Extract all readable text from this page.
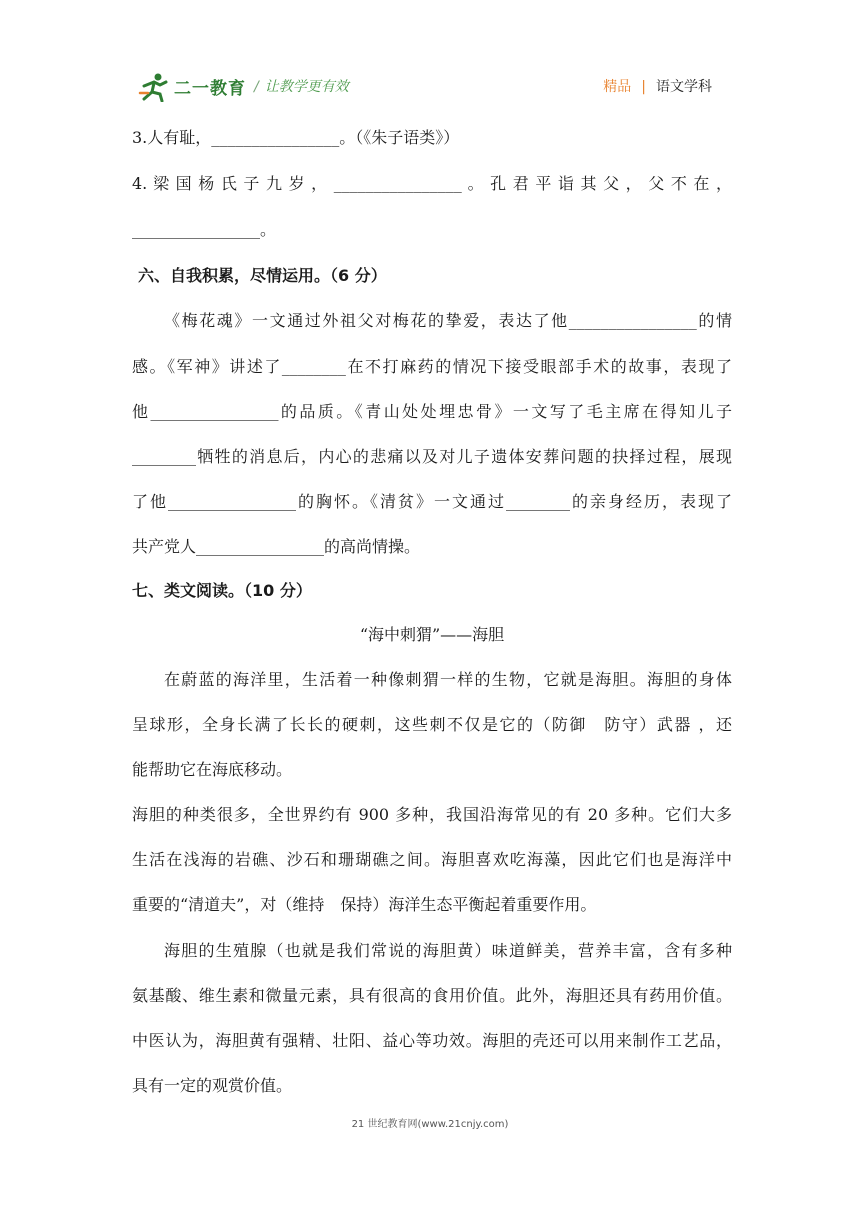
二一教育 / 让教学更有效	精品 | 语文学科
3.人有耻，________________。（《朱子语类》）
4. 梁 国 杨 氏 子 九 岁 ， ________________ 。 孔 君 平 诣 其 父 ， 父 不 在 ，
________________。
六、自我积累，尽情运用。（6 分）
《梅花魂》一文通过外祖父对梅花的挚爱，表达了他________________的情
感。《军神》讲述了________在不打麻药的情况下接受眼部手术的故事，表现了
他________________的品质。《青山处处埋忠骨》一文写了毛主席在得知儿子
________牺牲的消息后，内心的悲痛以及对儿子遗体安葬问题的抉择过程，展现
了他________________的胸怀。《清贫》一文通过________的亲身经历，表现了
共产党人________________的高尚情操。
七、类文阅读。（10 分）
“海中刺猬”——海胆
在蔚蓝的海洋里，生活着一种像刺猬一样的生物，它就是海胆。海胆的身体
呈球形，全身长满了长长的硬刺，这些刺不仅是它的（防御　防守）武器 ，还
能帮助它在海底移动。
海胆的种类很多，全世界约有 900 多种，我国沿海常见的有 20 多种。它们大多
生活在浅海的岩礁、沙石和珊瑚礁之间。海胆喜欢吃海藻，因此它们也是海洋中
重要的“清道夫”，对（维持　保持）海洋生态平衡起着重要作用。
海胆的生殖腺（也就是我们常说的海胆黄）味道鲜美，营养丰富，含有多种
氨基酸、维生素和微量元素，具有很高的食用价值。此外，海胆还具有药用价值。
中医认为，海胆黄有强精、壮阳、益心等功效。海胆的壳还可以用来制作工艺品，
具有一定的观赏价值。
21 世纪教育网(www.21cnjy.com)
